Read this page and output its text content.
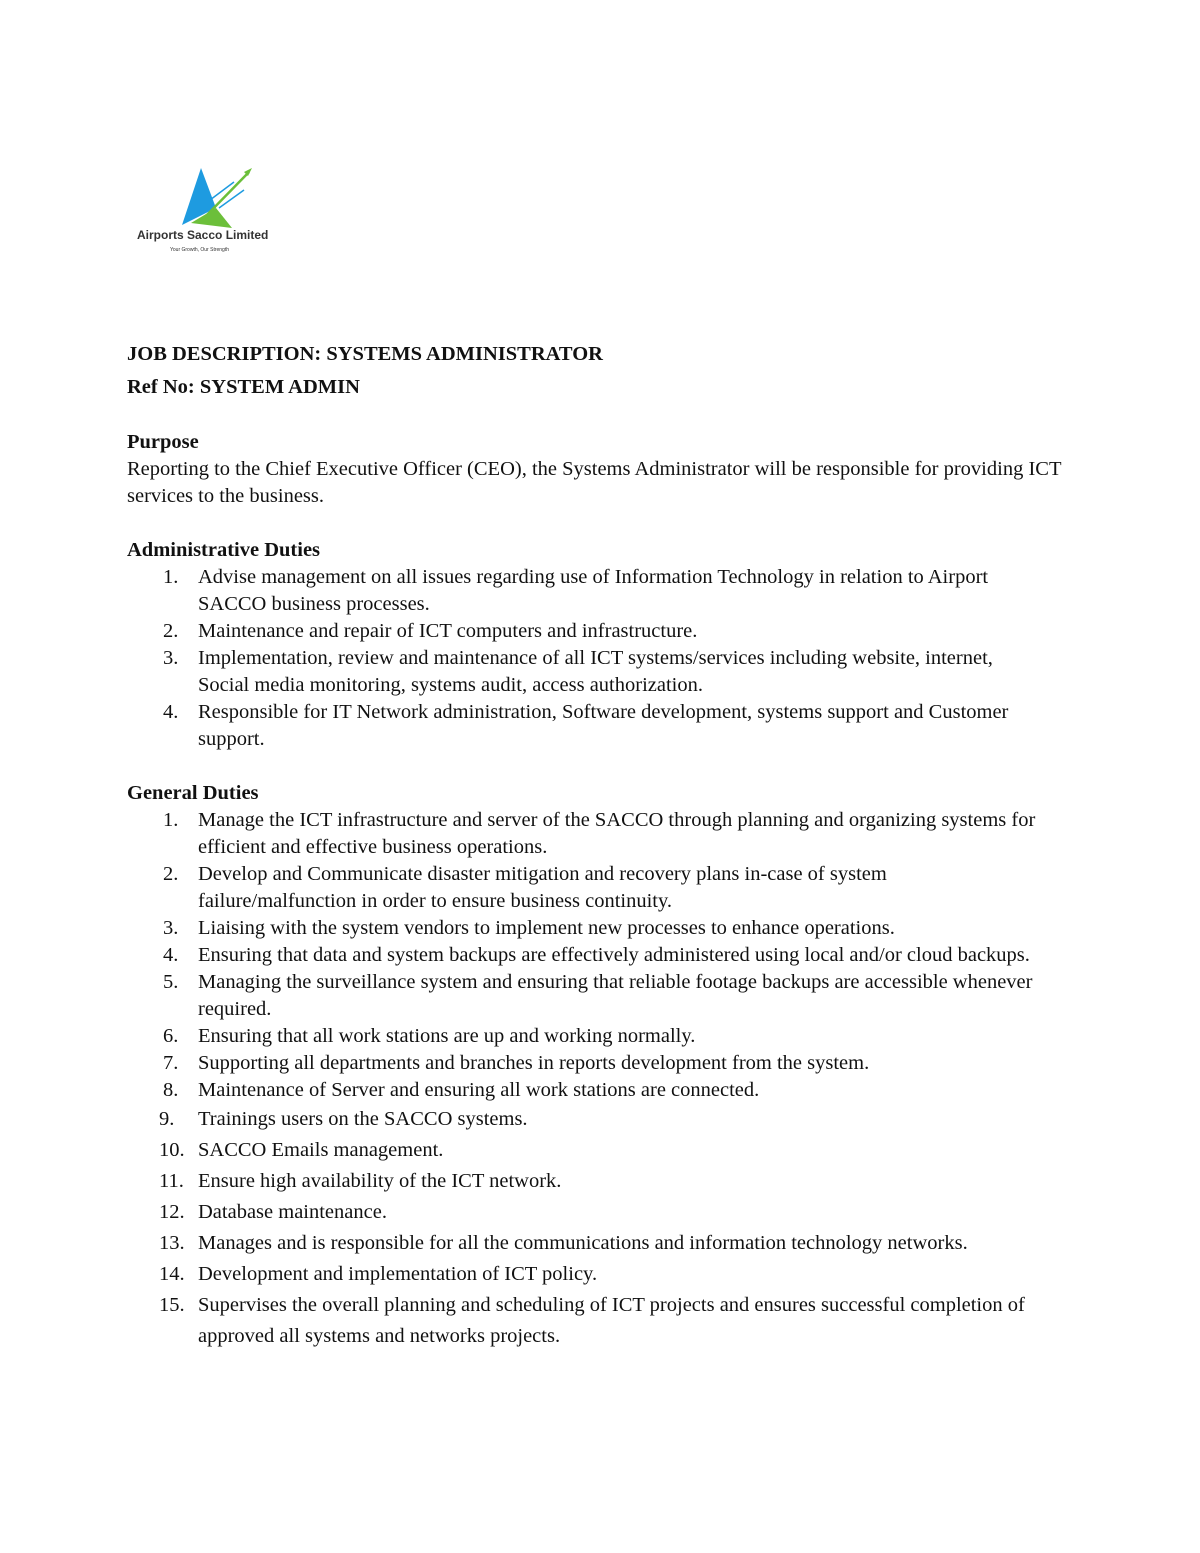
Airports Sacco Limited
Your Growth, Our Strength
JOB DESCRIPTION: SYSTEMS ADMINISTRATOR
Ref No: SYSTEM ADMIN
Purpose

Reporting to the Chief Executive Officer (CEO), the Systems Administrator will be responsible for providing ICT services to the business.

Administrative Duties
1. Advise management on all issues regarding use of Information Technology in relation to Airport SACCO business processes.
2. Maintenance and repair of ICT computers and infrastructure.
3. Implementation, review and maintenance of all ICT systems/services including website, internet, Social media monitoring, systems audit, access authorization.
4. Responsible for IT Network administration, Software development, systems support and Customer support.
General Duties
1. Manage the ICT infrastructure and server of the SACCO through planning and organizing systems for efficient and effective business operations.
2. Develop and Communicate disaster mitigation and recovery plans in-case of system failure/malfunction in order to ensure business continuity.
3. Liaising with the system vendors to implement new processes to enhance operations.
4. Ensuring that data and system backups are effectively administered using local and/or cloud backups.
5. Managing the surveillance system and ensuring that reliable footage backups are accessible whenever required.
6. Ensuring that all work stations are up and working normally.
7. Supporting all departments and branches in reports development from the system.
8. Maintenance of Server and ensuring all work stations are connected.
9. Trainings users on the SACCO systems.
10. SACCO Emails management.
11. Ensure high availability of the ICT network.
12. Database maintenance.
13. Manages and is responsible for all the communications and information technology networks.
14. Development and implementation of ICT policy.
15. Supervises the overall planning and scheduling of ICT projects and ensures successful completion of approved all systems and networks projects.
